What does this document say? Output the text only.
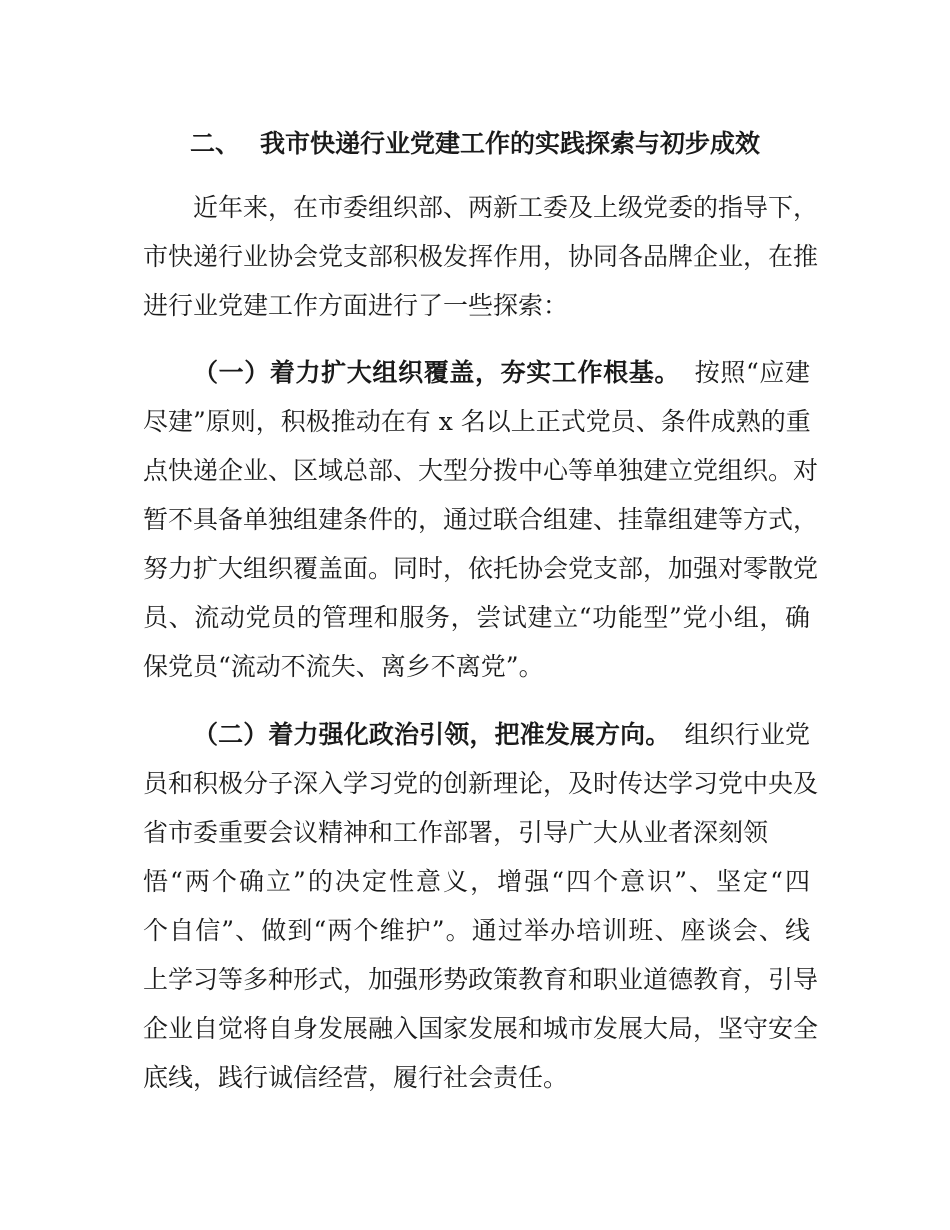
二、 我市快递行业党建工作的实践探索与初步成效
近年来，在市委组织部、两新工委及上级党委的指导下，
市快递行业协会党支部积极发挥作用，协同各品牌企业，在推
进行业党建工作方面进行了一些探索：
（一）着力扩大组织覆盖，夯实工作根基。 按照“应建
尽建”原则，积极推动在有 x 名以上正式党员、条件成熟的重
点快递企业、区域总部、大型分拨中心等单独建立党组织。对
暂不具备单独组建条件的，通过联合组建、挂靠组建等方式，
努力扩大组织覆盖面。同时，依托协会党支部，加强对零散党
员、流动党员的管理和服务，尝试建立“功能型”党小组，确
保党员“流动不流失、离乡不离党”。
（二）着力强化政治引领，把准发展方向。 组织行业党
员和积极分子深入学习党的创新理论，及时传达学习党中央及
省市委重要会议精神和工作部署，引导广大从业者深刻领
悟“两个确立”的决定性意义，增强“四个意识”、坚定“四
个自信”、做到“两个维护”。通过举办培训班、座谈会、线
上学习等多种形式，加强形势政策教育和职业道德教育，引导
企业自觉将自身发展融入国家发展和城市发展大局，坚守安全
底线，践行诚信经营，履行社会责任。
